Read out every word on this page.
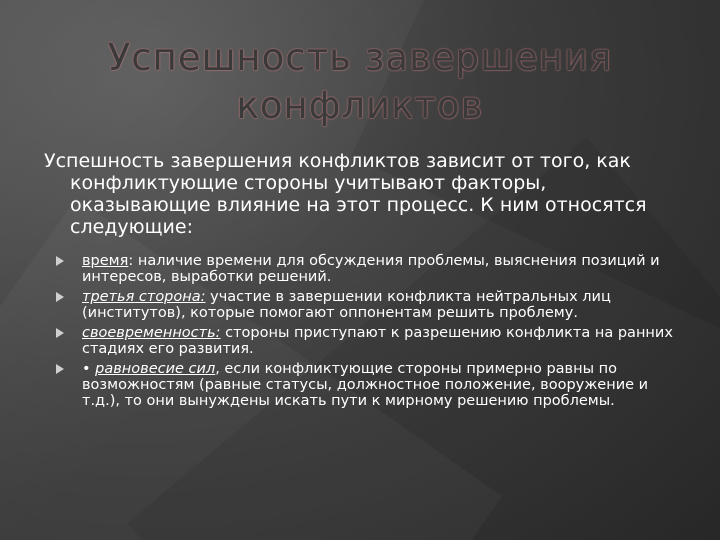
Успешность завершения
конфликтов
Успешность завершения конфликтов зависит от того, как конфликтующие стороны учитывают факторы, оказывающие влияние на этот процесс. К ним относятся следующие:
время: наличие времени для обсуждения проблемы, выяснения позиций и интересов, выработки решений.
третья сторона: участие в завершении конфликта нейтральных лиц (институтов), которые помогают оппонентам решить проблему.
своевременность: стороны приступают к разрешению конфликта на ранних стадиях его развития.
• равновесие сил, если конфликтующие стороны примерно равны по возможностям (равные статусы, должностное положение, вооружение и т.д.), то они вынуждены искать пути к мирному решению проблемы.
